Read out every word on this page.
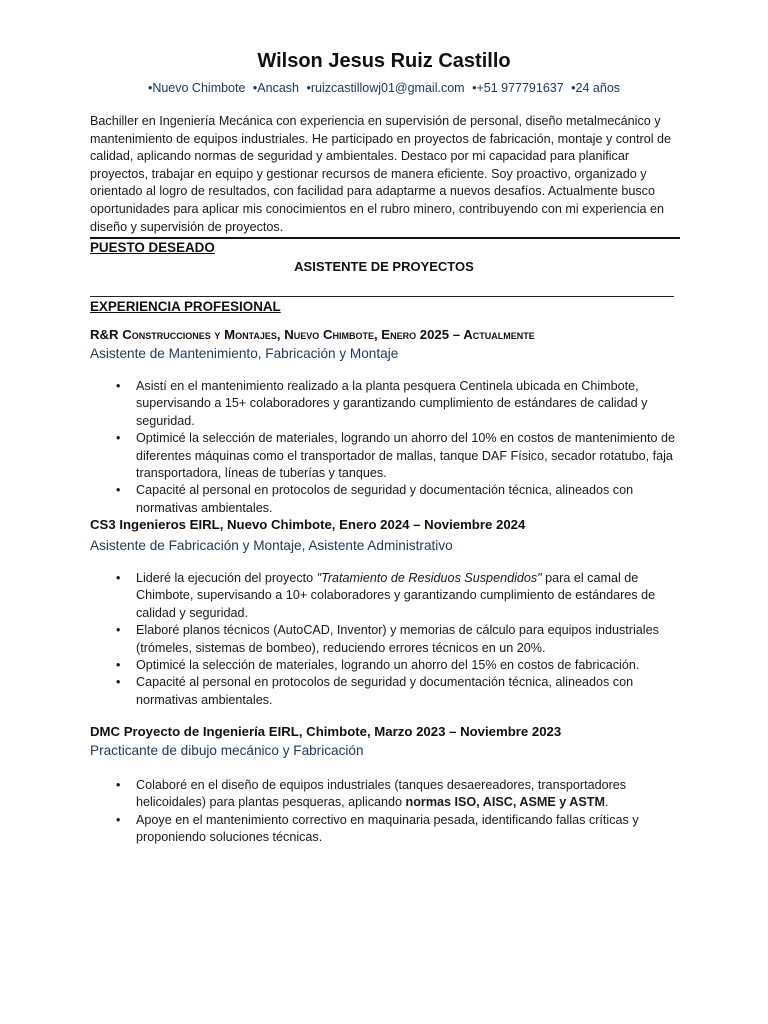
Wilson Jesus Ruiz Castillo
•Nuevo Chimbote •Ancash •ruizcastillowj01@gmail.com •+51 977791637 •24 años

Bachiller en Ingeniería Mecánica con experiencia en supervisión de personal, diseño metalmecánico y mantenimiento de equipos industriales. He participado en proyectos de fabricación, montaje y control de calidad, aplicando normas de seguridad y ambientales. Destaco por mi capacidad para planificar proyectos, trabajar en equipo y gestionar recursos de manera eficiente. Soy proactivo, organizado y orientado al logro de resultados, con facilidad para adaptarme a nuevos desafíos. Actualmente busco oportunidades para aplicar mis conocimientos en el rubro minero, contribuyendo con mi experiencia en diseño y supervisión de proyectos.

PUESTO DESEADO

ASISTENTE DE PROYECTOS

EXPERIENCIA PROFESIONAL

R&R Construcciones y Montajes, Nuevo Chimbote, Enero 2025 – Actualmente

Asistente de Mantenimiento, Fabricación y Montaje

• Asistí en el mantenimiento realizado a la planta pesquera Centinela ubicada en Chimbote, supervisando a 15+ colaboradores y garantizando cumplimiento de estándares de calidad y seguridad.
• Optimicé la selección de materiales, logrando un ahorro del 10% en costos de mantenimiento de diferentes máquinas como el transportador de mallas, tanque DAF Físico, secador rotatubo, faja transportadora, líneas de tuberías y tanques.
• Capacité al personal en protocolos de seguridad y documentación técnica, alineados con normativas ambientales.

CS3 Ingenieros EIRL, Nuevo Chimbote, Enero 2024 – Noviembre 2024

Asistente de Fabricación y Montaje, Asistente Administrativo

• Lideré la ejecución del proyecto "Tratamiento de Residuos Suspendidos" para el camal de Chimbote, supervisando a 10+ colaboradores y garantizando cumplimiento de estándares de calidad y seguridad.
• Elaboré planos técnicos (AutoCAD, Inventor) y memorias de cálculo para equipos industriales (trómeles, sistemas de bombeo), reduciendo errores técnicos en un 20%.
• Optimicé la selección de materiales, logrando un ahorro del 15% en costos de fabricación.
• Capacité al personal en protocolos de seguridad y documentación técnica, alineados con normativas ambientales.

DMC Proyecto de Ingeniería EIRL, Chimbote, Marzo 2023 – Noviembre 2023

Practicante de dibujo mecánico y Fabricación

• Colaboré en el diseño de equipos industriales (tanques desaereadores, transportadores helicoidales) para plantas pesqueras, aplicando normas ISO, AISC, ASME y ASTM.
• Apoye en el mantenimiento correctivo en maquinaria pesada, identificando fallas críticas y proponiendo soluciones técnicas.
